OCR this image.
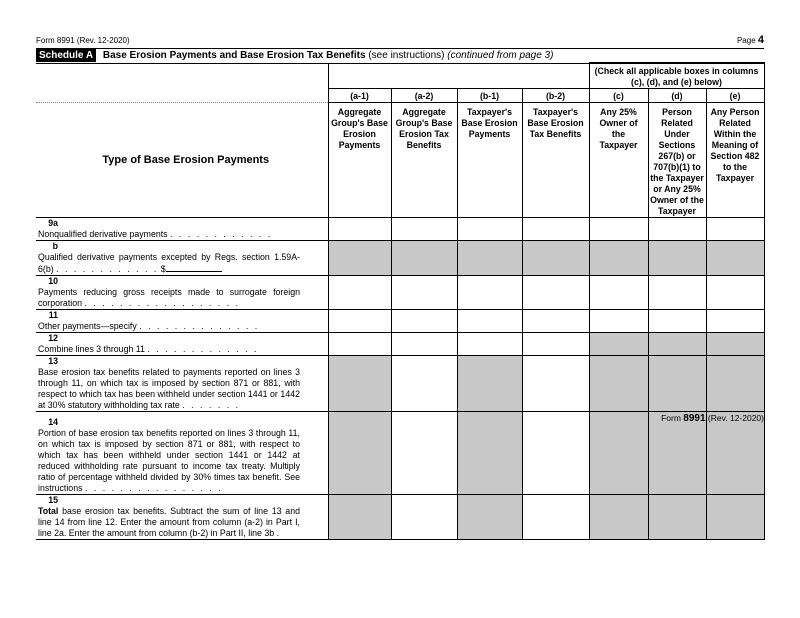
Form 8991 (Rev. 12-2020)	Page 4
Schedule A Base Erosion Payments and Base Erosion Tax Benefits (see instructions) (continued from page 3)
					(Check all applicable boxes in columns (c), (d), and (e) below)		
	(a-1)	(a-2)	(b-1)	(b-2)	(c)	(d)	(e)
Type of Base Erosion Payments	Aggregate Group's Base Erosion Payments	Aggregate Group's Base Erosion Tax Benefits	Taxpayer's Base Erosion Payments	Taxpayer's Base Erosion Tax Benefits	Any 25% Owner of the Taxpayer	Person Related Under Sections 267(b) or 707(b)(1) to the Taxpayer or Any 25% Owner of the Taxpayer	Any Person Related Within the Meaning of Section 482 to the Taxpayer
9aNonqualified derivative payments . . . . . . . . . . . .							
bQualified derivative payments excepted by Regs. section 1.59A-6(b) . . . . . . . . . . . . $							
10Payments reducing gross receipts made to surrogate foreign corporation . . . . . . . . . . . . . . . . . .							
11Other payments—specify . . . . . . . . . . . . . .							
12Combine lines 3 through 11 . . . . . . . . . . . . .							
13Base erosion tax benefits related to payments reported on lines 3 through 11, on which tax is imposed by section 871 or 881, with respect to which tax has been withheld under section 1441 or 1442 at 30% statutory withholding tax rate . . . . . . .							
14Portion of base erosion tax benefits reported on lines 3 through 11, on which tax is imposed by section 871 or 881, with respect to which tax has been withheld under section 1441 or 1442 at reduced withholding rate pursuant to income tax treaty. Multiply ratio of percentage withheld divided by 30% times tax benefit. See instructions . . . . . . . . . . . . . . . .							
15Total base erosion tax benefits. Subtract the sum of line 13 and line 14 from line 12. Enter the amount from column (a-2) in Part I, line 2a. Enter the amount from column (b-2) in Part II, line 3b .							
Form 8991 (Rev. 12-2020)
